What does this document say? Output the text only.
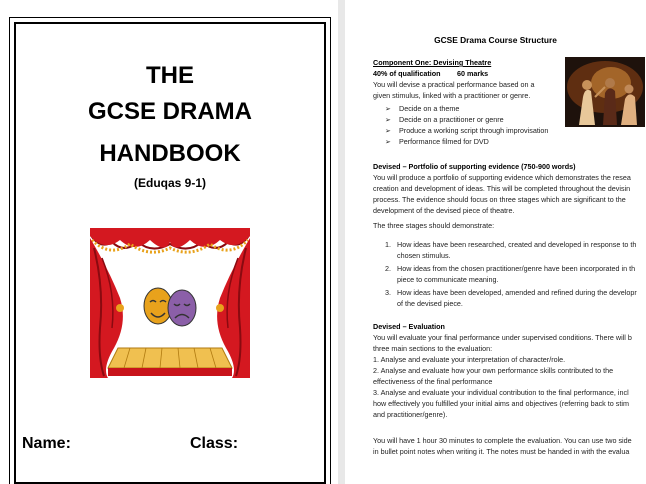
THE
GCSE DRAMA
HANDBOOK
(Eduqas 9-1)
Name:	Class:
GCSE Drama Course Structure
Component One: Devising Theatre
40% of qualification	60 marks
You will devise a practical performance based on a
given stimulus, linked with a practitioner or genre.
➢ Decide on a theme
➢ Decide on a practitioner or genre
➢ Produce a working script through improvisation
➢ Performance filmed for DVD
Devised – Portfolio of supporting evidence (750-900 words)
You will produce a portfolio of supporting evidence which demonstrates the resea
creation and development of ideas. This will be completed throughout the devisin
process. The evidence should focus on three stages which are significant to the
development of the devised piece of theatre.
The three stages should demonstrate:
1. How ideas have been researched, created and developed in response to th
chosen stimulus.
2. How ideas from the chosen practitioner/genre have been incorporated in th
piece to communicate meaning.
3. How ideas have been developed, amended and refined during the developr
of the devised piece.
Devised – Evaluation
You will evaluate your final performance under supervised conditions. There will b
three main sections to the evaluation:
1. Analyse and evaluate your interpretation of character/role.
2. Analyse and evaluate how your own performance skills contributed to the
effectiveness of the final performance
3. Analyse and evaluate your individual contribution to the final performance, incl
how effectively you fulfilled your initial aims and objectives (referring back to stim
and practitioner/genre).
You will have 1 hour 30 minutes to complete the evaluation. You can use two side
in bullet point notes when writing it. The notes must be handed in with the evalua
